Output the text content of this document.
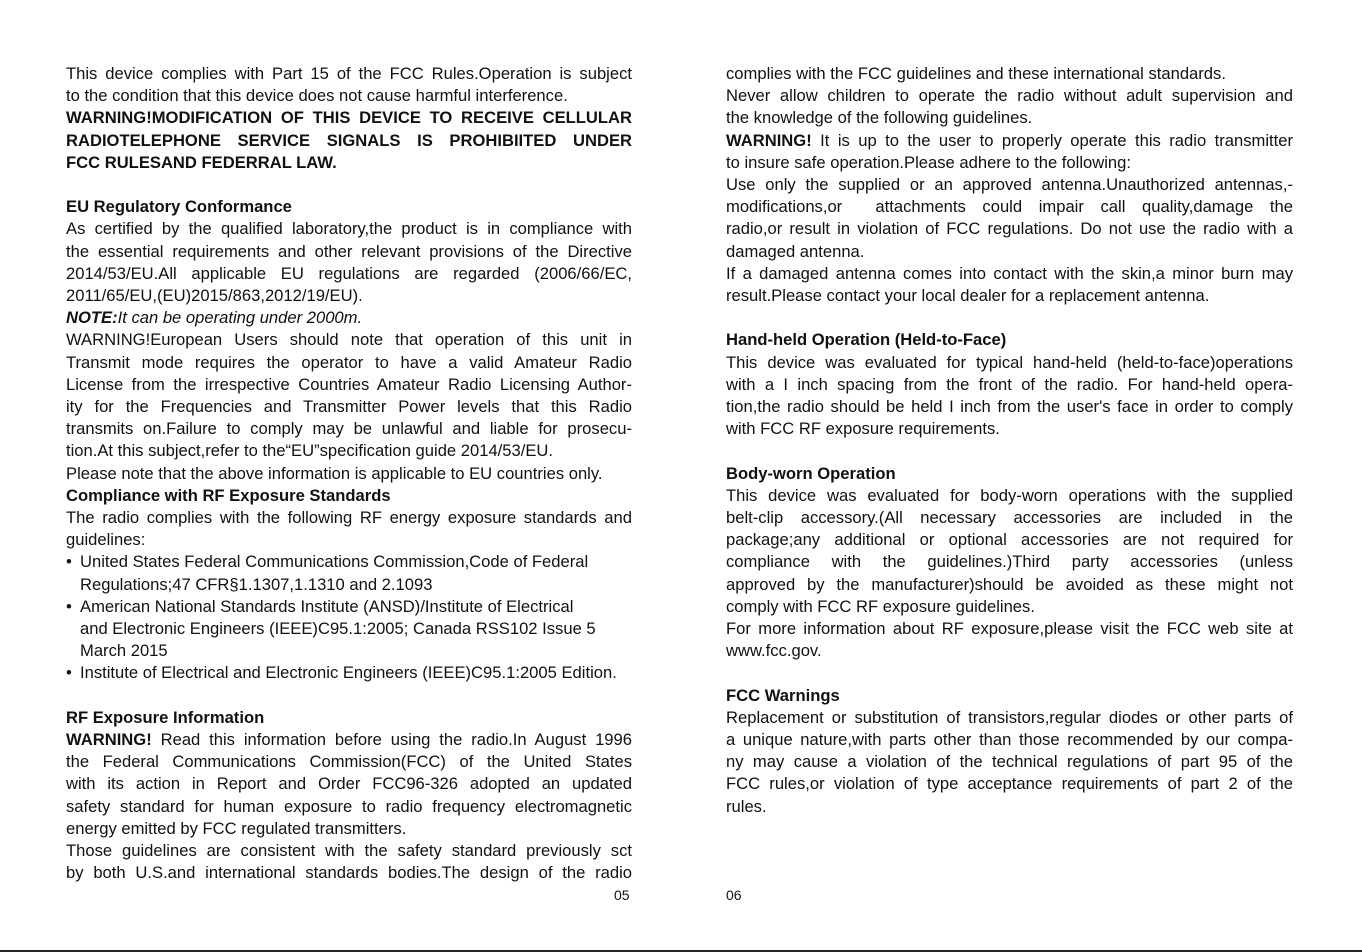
This device complies with Part 15 of the FCC Rules.Operation is subject

to the condition that this device does not cause harmful interference.

WARNING!MODIFICATION OF THIS DEVICE TO RECEIVE CELLULAR

RADIOTELEPHONE SERVICE SIGNALS IS PROHIBIITED UNDER

FCC RULESAND FEDERRAL LAW.

EU Regulatory Conformance

As certified by the qualified laboratory,the product is in compliance with

the essential requirements and other relevant provisions of the Directive

2014/53/EU.All applicable EU regulations are regarded (2006/66/EC,

2011/65/EU,(EU)2015/863,2012/19/EU).

NOTE:It can be operating under 2000m.

WARNING!European Users should note that operation of this unit in

Transmit mode requires the operator to have a valid Amateur Radio

License from the irrespective Countries Amateur Radio Licensing Author-

ity for the Frequencies and Transmitter Power levels that this Radio

transmits on.Failure to comply may be unlawful and liable for prosecu-

tion.At this subject,refer to the“EU”specification guide 2014/53/EU.

Please note that the above information is applicable to EU countries only.

Compliance with RF Exposure Standards

The radio complies with the following RF energy exposure standards and

guidelines:

• United States Federal Communications Commission,Code of Federal
Regulations;47 CFR§1.1307,1.1310 and 2.1093
• American National Standards Institute (ANSD)/Institute of Electrical
and Electronic Engineers (IEEE)C95.1:2005; Canada RSS102 Issue 5
March 2015
• Institute of Electrical and Electronic Engineers (IEEE)C95.1:2005 Edition.
RF Exposure Information

WARNING! Read this information before using the radio.In August 1996

the Federal Communications Commission(FCC) of the United States

with its action in Report and Order FCC96-326 adopted an updated

safety standard for human exposure to radio frequency electromagnetic

energy emitted by FCC regulated transmitters.

Those guidelines are consistent with the safety standard previously sct

by both U.S.and international standards bodies.The design of the radio

05

complies with the FCC guidelines and these international standards.

Never allow children to operate the radio without adult supervision and

the knowledge of the following guidelines.

WARNING! It is up to the user to properly operate this radio transmitter

to insure safe operation.Please adhere to the following:

Use only the supplied or an approved antenna.Unauthorized antennas,-

modifications,or  attachments could impair call quality,damage the

radio,or result in violation of FCC regulations. Do not use the radio with a

damaged antenna.

If a damaged antenna comes into contact with the skin,a minor burn may

result.Please contact your local dealer for a replacement antenna.

Hand-held Operation (Held-to-Face)

This device was evaluated for typical hand-held (held-to-face)operations

with a I inch spacing from the front of the radio. For hand-held opera-

tion,the radio should be held I inch from the user's face in order to comply

with FCC RF exposure requirements.

Body-worn Operation

This device was evaluated for body-worn operations with the supplied

belt-clip accessory.(All necessary accessories are included in the

package;any additional or optional accessories are not required for

compliance with the guidelines.)Third party accessories (unless

approved by the manufacturer)should be avoided as these might not

comply with FCC RF exposure guidelines.

For more information about RF exposure,please visit the FCC web site at

www.fcc.gov.

FCC Warnings

Replacement or substitution of transistors,regular diodes or other parts of

a unique nature,with parts other than those recommended by our compa-

ny may cause a violation of the technical regulations of part 95 of the

FCC rules,or violation of type acceptance requirements of part 2 of the

rules.

06
